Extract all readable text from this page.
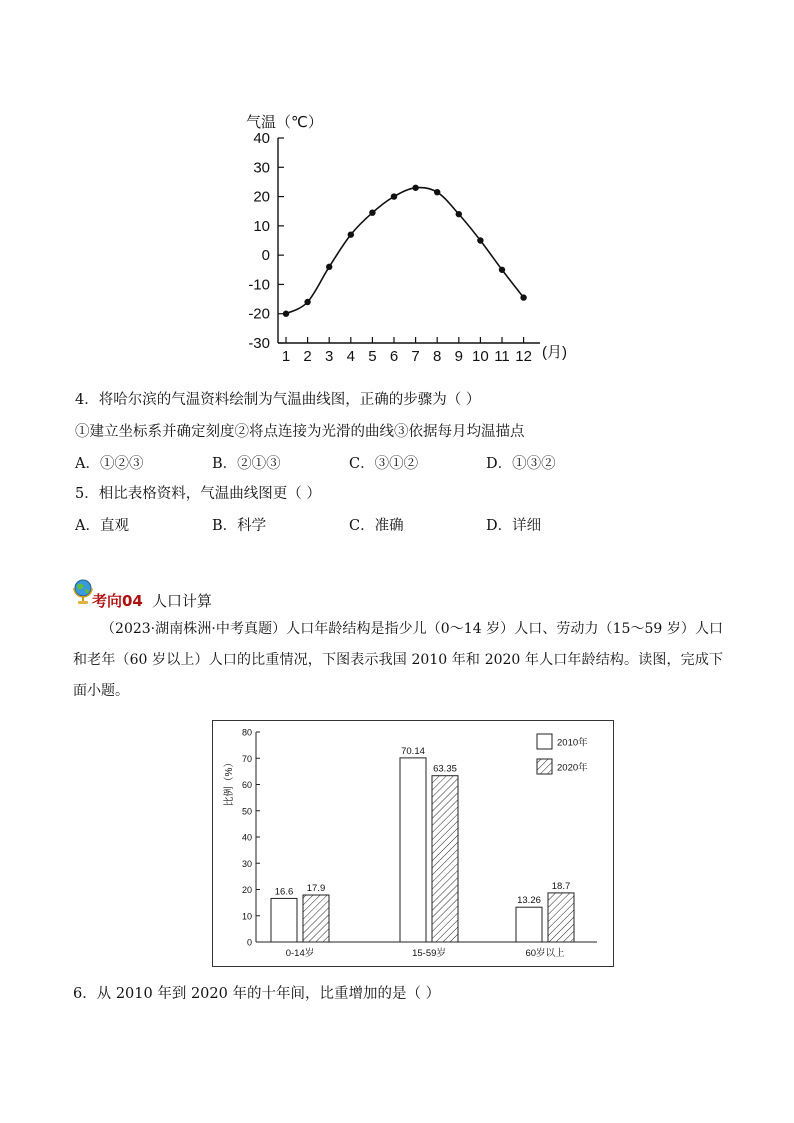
气温（℃）
(月)
-30
-20
-10
0
10
20
30
40
1 2 3 4 5 6 7 8 9 10 11 12
4．将哈尔滨的气温资料绘制为气温曲线图，正确的步骤为（ ）
①建立坐标系并确定刻度②将点连接为光滑的曲线③依据每月均温描点
A．①②③	B．②①③	C．③①②	D．①③②
5．相比表格资料，气温曲线图更（ ）
A．直观	B．科学	C．准确	D．详细
考向04 人口计算
（2023·湖南株洲·中考真题）人口年龄结构是指少儿（0～14 岁）人口、劳动力（15～59 岁）人口和老年（60 岁以上）人口的比重情况，下图表示我国 2010 年和 2020 年人口年龄结构。读图，完成下面小题。
比例（%）
0
10
20
30
40
50
60
70
80
16.6 17.9
0-14岁
70.14
63.35
15-59岁
13.26
18.7
60岁以上
2010年
2020年
6．从 2010 年到 2020 年的十年间，比重增加的是（ ）
